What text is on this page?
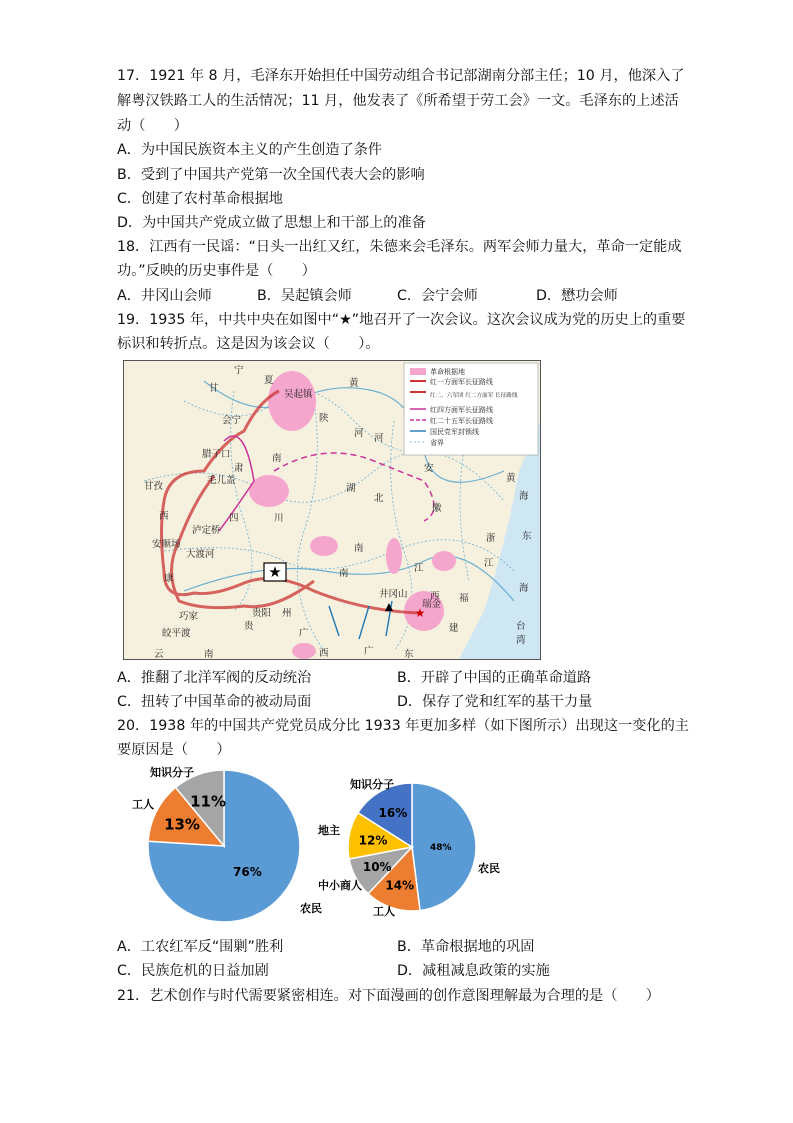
17．1921 年 8 月，毛泽东开始担任中国劳动组合书记部湖南分部主任；10 月，他深入了
解粤汉铁路工人的生活情况；11 月，他发表了《所希望于劳工会》一文。毛泽东的上述活
动（　　）
A．为中国民族资本主义的产生创造了条件
B．受到了中国共产党第一次全国代表大会的影响
C．创建了农村革命根据地
D．为中国共产党成立做了思想上和干部上的准备
18．江西有一民谣：“日头一出红又红，朱德来会毛泽东。两军会师力量大，革命一定能成
功。”反映的历史事件是（　　）
A．井冈山会师	B．吴起镇会师	C．会宁会师	D．懋功会师
19．1935 年，中共中央在如图中“★”地召开了一次会议。这次会议成为党的历史上的重要
标识和转折点。这是因为该会议（　　）。
★
★
宁
夏
甘
吴起镇
会宁	陕
黄
河
腊子口
肃
毛儿盖
南
甘孜
西
泸定桥
安顺场
大渡河
四	川
康
巧家
皎平渡
云	南
贵
州
贵阳
湖
北
南
安
徽
河
南
浙
江
东
海
黄
海
江
西 福
建
广
西	广	东
井冈山
瑞金
台
湾
革命根据地
红一方面军长征路线
红二、六军团 红二方面军 长征路线
红四方面军长征路线
红二十五军长征路线
国民党军封锁线
省界
A．推翻了北洋军阀的反动统治	B．开辟了中国的正确革命道路
C．扭转了中国革命的被动局面	D．保存了党和红军的基干力量
20．1938 年的中国共产党党员成分比 1933 年更加多样（如下图所示）出现这一变化的主
要原因是（　　）
76%
农民
13%
工人 11%
知识分子
48%
农民
14%
工人
10%
中小商人
12%
地主
16%
知识分子
A．工农红军反“围剿”胜利	B．革命根据地的巩固
C．民族危机的日益加剧	D．减租减息政策的实施
21．艺术创作与时代需要紧密相连。对下面漫画的创作意图理解最为合理的是（　　）
